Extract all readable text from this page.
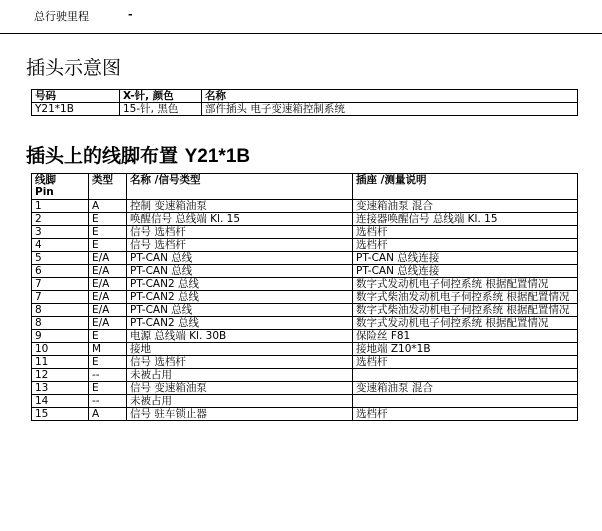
总行驶里程	-
插头示意图
号码	X-针, 颜色	名称
Y21*1B	15-针, 黑色	部件插头 电子变速箱控制系统
插头上的线脚布置 Y21*1B
线脚
Pin	类型	名称 /信号类型	插座 /测量说明
1	A	控制 变速箱油泵	变速箱油泵 混合
2	E	唤醒信号 总线端 Kl. 15	连接器唤醒信号 总线端 Kl. 15
3	E	信号 选档杆	选档杆
4	E	信号 选档杆	选档杆
5	E/A	PT-CAN 总线	PT-CAN 总线连接
6	E/A	PT-CAN 总线	PT-CAN 总线连接
7	E/A	PT-CAN2 总线	数字式发动机电子伺控系统 根据配置情况
7	E/A	PT-CAN2 总线	数字式柴油发动机电子伺控系统 根据配置情况
8	E/A	PT-CAN 总线	数字式柴油发动机电子伺控系统 根据配置情况
8	E/A	PT-CAN2 总线	数字式发动机电子伺控系统 根据配置情况
9	E	电源 总线端 Kl. 30B	保险丝 F81
10	M	接地	接地端 Z10*1B
11	E	信号 选档杆	选档杆
12	--	未被占用	
13	E	信号 变速箱油泵	变速箱油泵 混合
14	--	未被占用	
15	A	信号 驻车锁止器	选档杆
